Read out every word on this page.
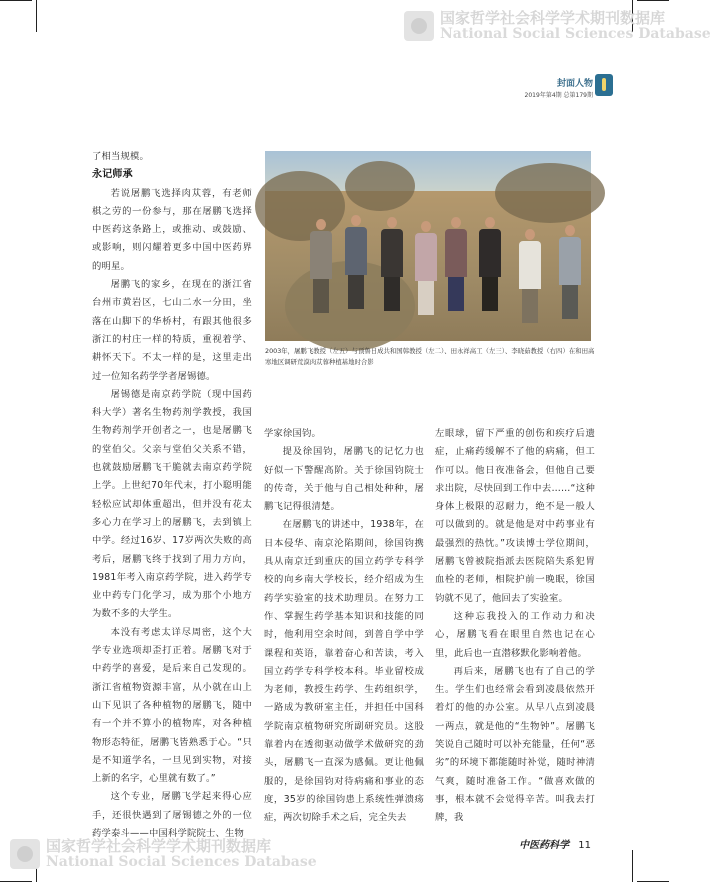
国家哲学社会科学学术期刊数据库
National Social Sciences Database
封面人物
2019年第4期 总第179期

了相当规模。

永记师承

若说屠鹏飞选择肉苁蓉，有老师棋之劳的一份参与，那在屠鹏飞选择中医药这条路上，或推动、或鼓励、或影响，则闪耀着更多中国中医药界的明星。

屠鹏飞的家乡，在现在的浙江省台州市黄岩区，七山二水一分田，坐落在山脚下的华桥村，有跟其他很多浙江的村庄一样的特质，重视着学、耕怀天下。不太一样的是，这里走出过一位知名药学学者屠锡德。

屠锡德是南京药学院（现中国药科大学）著名生物药剂学教授，我国生物药剂学开创者之一，也是屠鹏飞的堂伯父。父亲与堂伯父关系不错，也就鼓励屠鹏飞干脆就去南京药学院上学。上世纪70年代末，打小聪明能轻松应试却体重超出，但并没有花太多心力在学习上的屠鹏飞，去到镇上中学。经过16岁、17岁两次失败的高考后，屠鹏飞终于找到了用力方向，1981年考入南京药学院，进入药学专业中药专门化学习，成为那个小地方为数不多的大学生。

本没有考虑太详尽周密，这个大学专业选项却歪打正着。屠鹏飞对于中药学的喜爱，是后来自己发现的。浙江省植物资源丰富，从小就在山上山下见识了各种植物的屠鹏飞，随中有一个并不算小的植物库，对各种植物形态特征，屠鹏飞皆熟悉于心。“只是不知道学名，一旦见到实物，对接上新的名字，心里就有数了。”

这个专业，屠鹏飞学起来得心应手，还很快遇到了屠锡德之外的一位药学泰斗——中国科学院院士、生物

2003年，屠鹏飞教授（左五）与顶鲁日成共和国韩教授（左二）、田永祥高工（左三）、李晓茹教授（右四）在和田高寒地区调研荒漠肉苁蓉种植基地时合影

学家徐国钧。

提及徐国钧，屠鹏飞的记忆力也好似一下警醒高阶。关于徐国钧院士的传奇，关于他与自己相处种种，屠鹏飞记得很清楚。

在屠鹏飞的讲述中，1938年，在日本侵华、南京沦陷期间，徐国钧携具从南京迁到重庆的国立药学专科学校的向乡南大学校长，经介绍成为生药学实验室的技术助理员。在努力工作、掌握生药学基本知识和技能的同时，他利用空余时间，到普自学中学课程和英语，靠着奋心和苦读，考入国立药学专科学校本科。毕业留校成为老师，教授生药学、生药组织学，一路成为教研室主任，并担任中国科学院南京植物研究所副研究员。这股靠着内在透彻驱动做学术做研究的劲头，屠鹏飞一直深为感佩。更让他佩服的，是徐国钧对待病痛和事业的态度，35岁的徐国钧患上系统性弹溃疡症，两次切除手术之后，完全失去

左眼球，留下严重的创伤和疾疗后遗症，止痛药缓解不了他的病痛，但工作可以。他日夜准备会，但他自己要求出院，尽快回到工作中去……“这种身体上极限的忍耐力，绝不是一般人可以做到的。就是他是对中药事业有最强烈的热忱。”攻读博士学位期间，屠鹏飞曾被院指派去医院陪失系犯胃血栓的老师，相院护前一晚眠，徐国钧就不见了，他回去了实验室。

这种忘我投入的工作动力和决心，屠鹏飞看在眼里自然也记在心里，此后也一直潜移默化影响着他。

再后来，屠鹏飞也有了自己的学生。学生们也经常会看到凌晨依然开着灯的他的办公室。从早八点到凌晨一两点，就是他的“生物钟”。屠鹏飞笑说自己随时可以补充能量，任何“恶劣”的环境下都能随时补觉，随时神清气爽，随时准备工作。“做喜欢做的事，根本就不会觉得辛苦。叫我去打牌，我

中医药科学 11
国家哲学社会科学学术期刊数据库
National Social Sciences Database
